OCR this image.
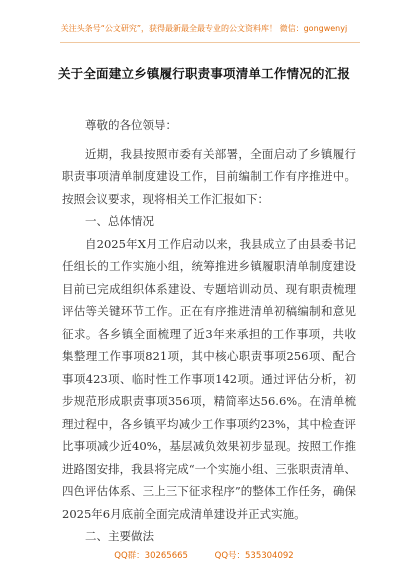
关注头条号“公文研究”，获得最新最全最专业的公文资料库！ 微信：gongwenyj
关于全面建立乡镇履行职责事项清单工作情况的汇报

尊敬的各位领导：

近期，我县按照市委有关部署，全面启动了乡镇履行职责事项清单制度建设工作，目前编制工作有序推进中。按照会议要求，现将相关工作汇报如下：

一、总体情况

自2025年X月工作启动以来，我县成立了由县委书记任组长的工作实施小组，统筹推进乡镇履职清单制度建设目前已完成组织体系建设、专题培训动员、现有职责梳理评估等关键环节工作。正在有序推进清单初稿编制和意见征求。各乡镇全面梳理了近3年来承担的工作事项，共收集整理工作事项821项，其中核心职责事项256项、配合事项423项、临时性工作事项142项。通过评估分析，初步规范形成职责事项356项，精简率达56.6%。在清单梳理过程中，各乡镇平均减少工作事项约23%，其中检查评比事项减少近40%，基层减负效果初步显现。按照工作推进路图安排，我县将完成“一个实施小组、三张职责清单、四色评估体系、三上三下征求程序”的整体工作任务，确保2025年6月底前全面完成清单建设并正式实施。

二、主要做法

QQ群：30265665	QQ号：535304092
